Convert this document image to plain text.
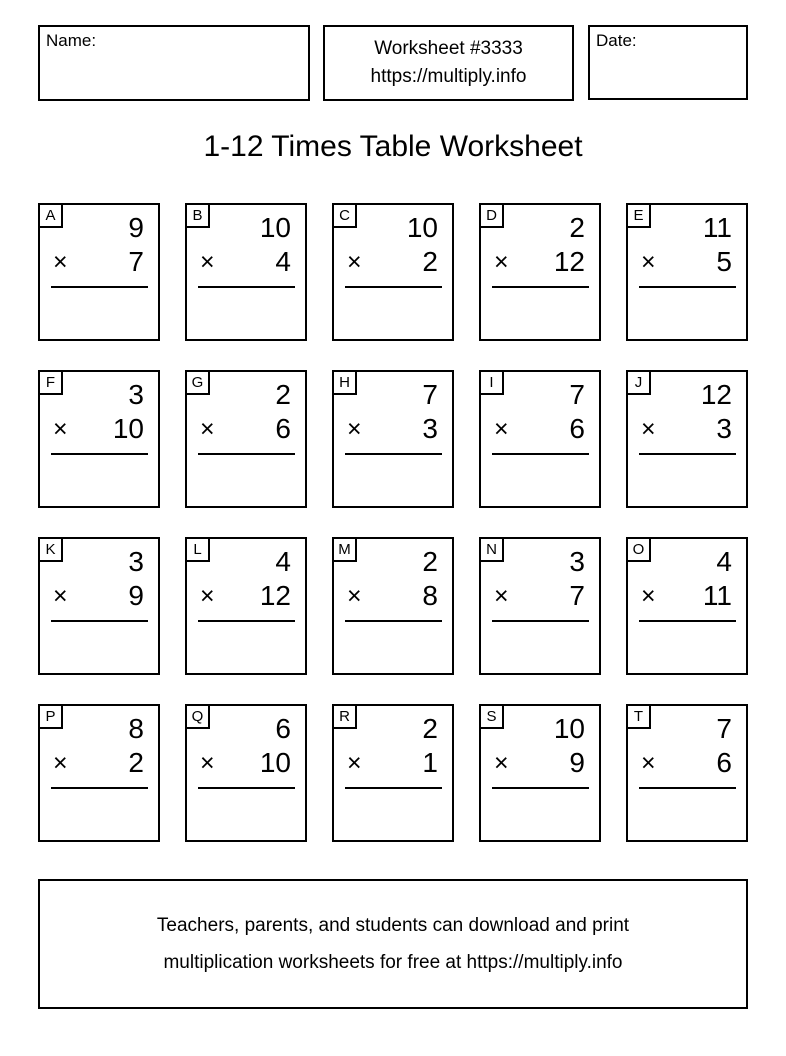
Name:	Worksheet #3333
https://multiply.info
Date:
1-12 Times Table Worksheet
A	9
× 7
B	10
× 4
C	10
× 2
D	2
× 12
E	11
× 5
F	3
× 10
G	2
× 6
H	7
× 3
I	7
× 6
J	12
× 3
K	3
× 9
L	4
× 12
M	2
× 8
N	3
× 7
O	4
× 11
P	8
× 2
Q	6
× 10
R	2
× 1
S	10
× 9
T	7
× 6
Teachers, parents, and students can download and print
multiplication worksheets for free at https://multiply.info
